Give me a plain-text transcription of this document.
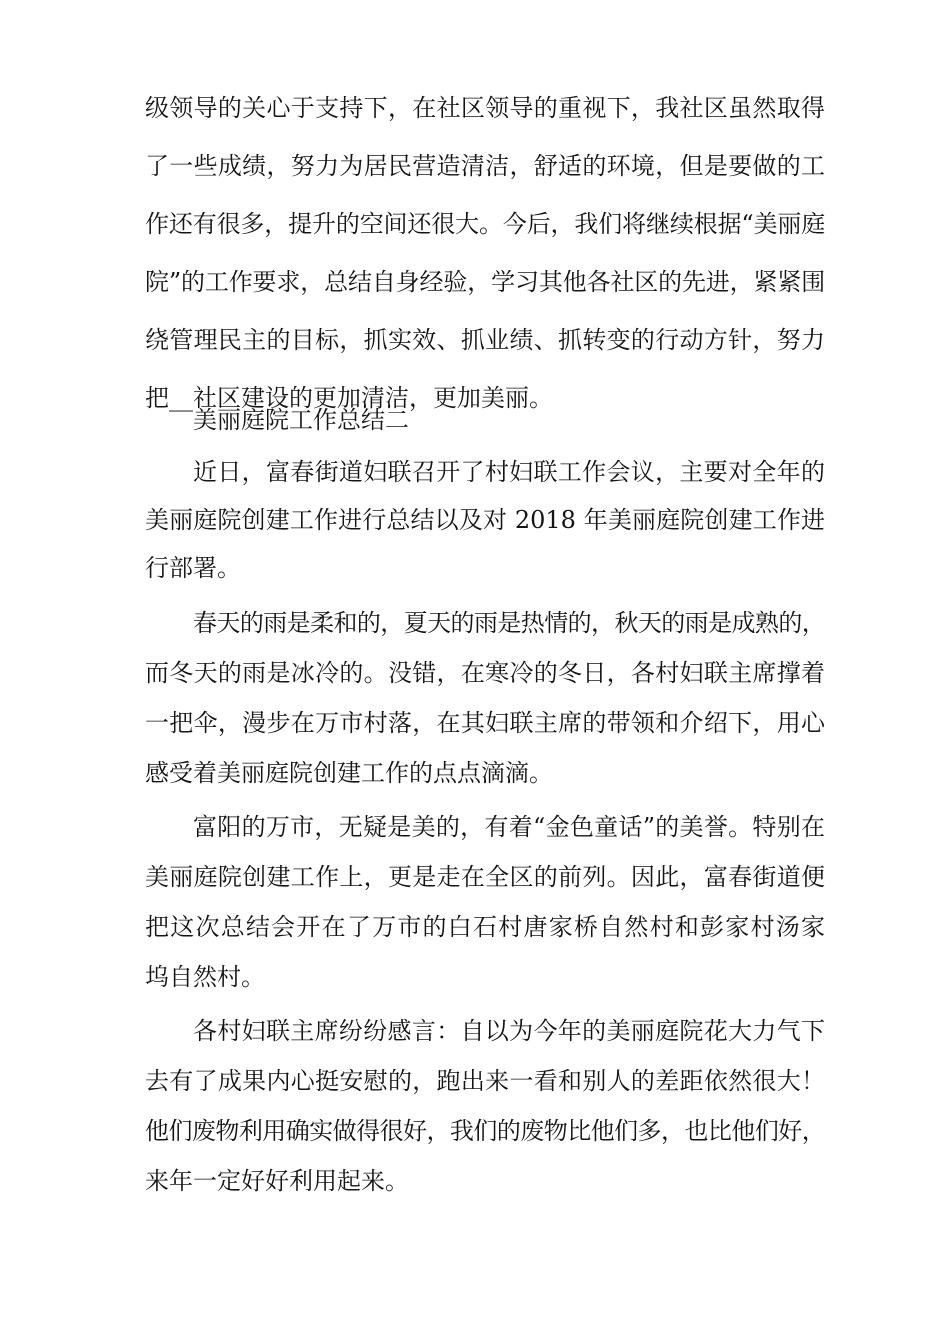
级领导的关心于支持下，在社区领导的重视下，我社区虽然取得
了一些成绩，努力为居民营造清洁，舒适的环境，但是要做的工
作还有很多，提升的空间还很大。今后，我们将继续根据“美丽庭
院”的工作要求，总结自身经验，学习其他各社区的先进，紧紧围
绕管理民主的目标，抓实效、抓业绩、抓转变的行动方针，努力
把__社区建设的更加清洁，更加美丽。
美丽庭院工作总结二
近日，富春街道妇联召开了村妇联工作会议，主要对全年的
美丽庭院创建工作进行总结以及对 2018 年美丽庭院创建工作进
行部署。
春天的雨是柔和的，夏天的雨是热情的，秋天的雨是成熟的，
而冬天的雨是冰冷的。没错，在寒冷的冬日，各村妇联主席撑着
一把伞，漫步在万市村落，在其妇联主席的带领和介绍下，用心
感受着美丽庭院创建工作的点点滴滴。
富阳的万市，无疑是美的，有着“金色童话”的美誉。特别在
美丽庭院创建工作上，更是走在全区的前列。因此，富春街道便
把这次总结会开在了万市的白石村唐家桥自然村和彭家村汤家
坞自然村。
各村妇联主席纷纷感言：自以为今年的美丽庭院花大力气下
去有了成果内心挺安慰的，跑出来一看和别人的差距依然很大！
他们废物利用确实做得很好，我们的废物比他们多，也比他们好，
来年一定好好利用起来。
